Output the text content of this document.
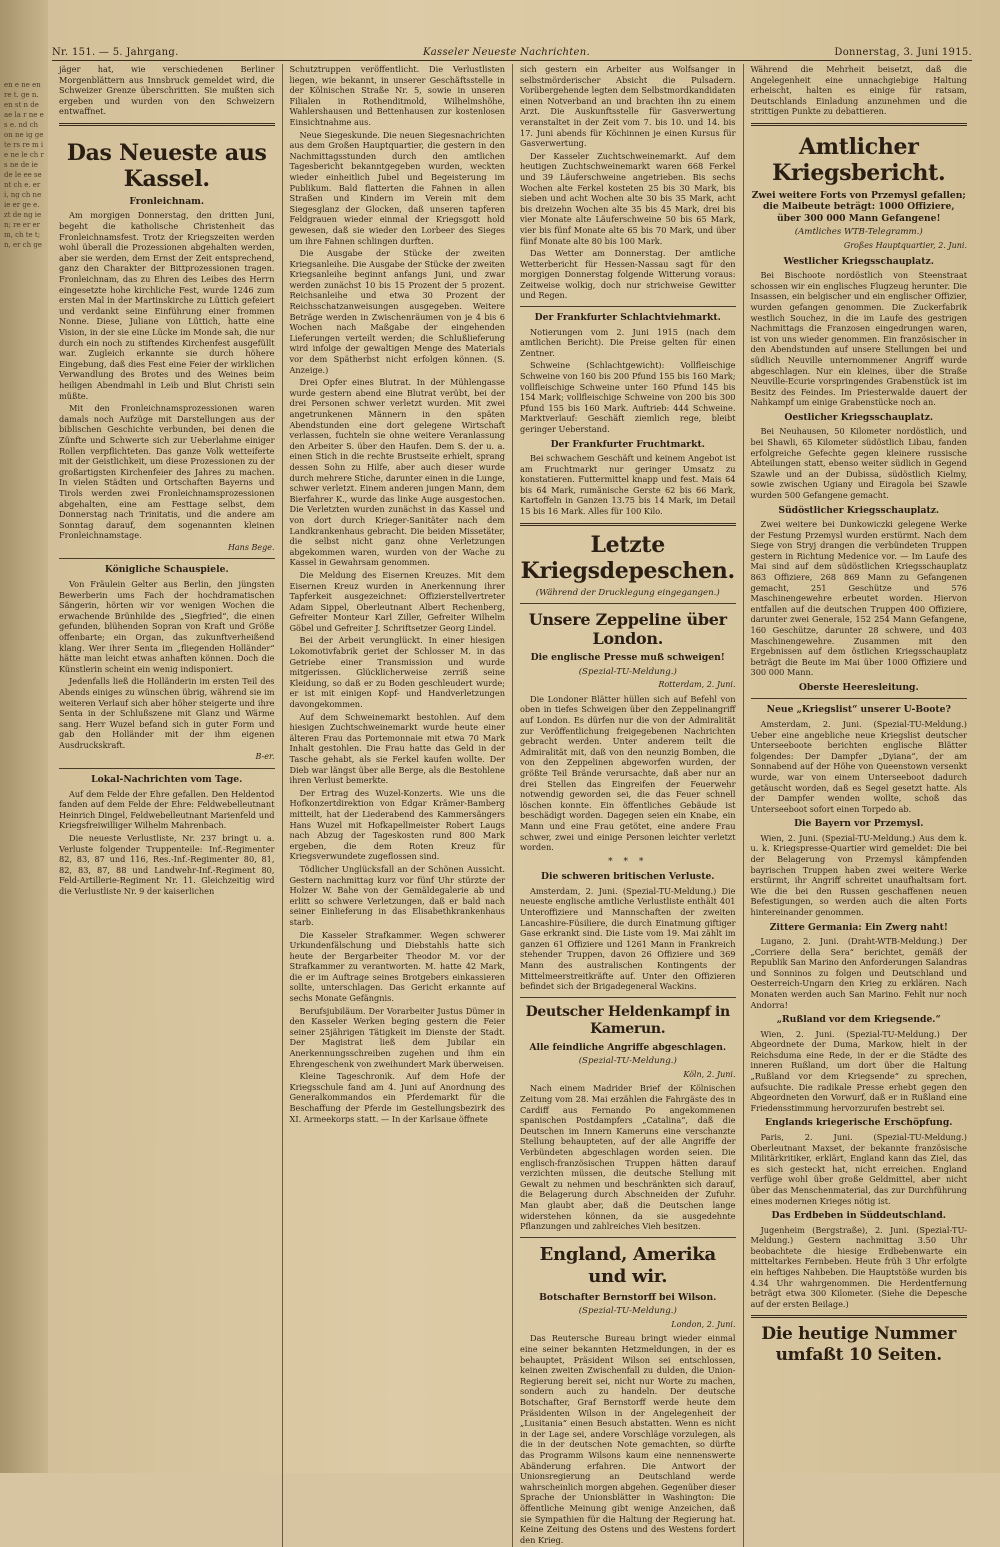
en e ne en re t. ge n. en st n de ae la r ne es e. nd ch on ne ig ge te rs re m ie ne le ch rs ne de ie de le ee se nt ch e. er i, ng ch ne ie er ge e. zt de ng ie n; re er er m, ch te t; n, er ch ge
Nr. 151. — 5. Jahrgang.	Kasseler Neueste Nachrichten.	Donnerstag, 3. Juni 1915.

jäger hat, wie verschiedenen Berliner Morgenblättern aus Innsbruck gemeldet wird, die Schweizer Grenze überschritten. Sie mußten sich ergeben und wurden von den Schweizern entwaffnet.

Das Neueste aus Kassel.
Fronleichnam.

Am morgigen Donnerstag, den dritten Juni, begeht die katholische Christenheit das Fronleichnamsfest. Trotz der Kriegszeiten werden wohl überall die Prozessionen abgehalten werden, aber sie werden, dem Ernst der Zeit entsprechend, ganz den Charakter der Bittprozessionen tragen. Fronleichnam, das zu Ehren des Leibes des Herrn eingesetzte hohe kirchliche Fest, wurde 1246 zum ersten Mal in der Martinskirche zu Lüttich gefeiert und verdankt seine Einführung einer frommen Nonne. Diese, Juliane von Lüttich, hatte eine Vision, in der sie eine Lücke im Monde sah, die nur durch ein noch zu stiftendes Kirchenfest ausgefüllt war. Zugleich erkannte sie durch höhere Eingebung, daß dies Fest eine Feier der wirklichen Verwandlung des Brotes und des Weines beim heiligen Abendmahl in Leib und Blut Christi sein müßte.

Mit den Fronleichnamsprozessionen waren damals noch Aufzüge mit Darstellungen aus der biblischen Geschichte verbunden, bei denen die Zünfte und Schwerte sich zur Ueberlahme einiger Rollen verpflichteten. Das ganze Volk wetteiferte mit der Geistlichkeit, um diese Prozessionen zu der großartigsten Kirchenfeier des Jahres zu machen. In vielen Städten und Ortschaften Bayerns und Tirols werden zwei Fronleichnamsprozessionen abgehalten, eine am Festtage selbst, dem Donnerstag nach Trinitatis, und die andere am Sonntag darauf, dem sogenannten kleinen Fronleichnamstage.

Hans Bege.
Königliche Schauspiele.

Von Fräulein Gelter aus Berlin, den jüngsten Bewerberin ums Fach der hochdramatischen Sängerin, hörten wir vor wenigen Wochen die erwachende Brünhilde des „Siegfried“, die einen gefunden, blühenden Sopran von Kraft und Größe offenbarte; ein Organ, das zukunftverheißend klang. Wer ihrer Senta im „fliegenden Holländer“ hätte man leicht etwas anhaften können. Doch die Künstlerin scheint ein wenig indisponiert.

Jedenfalls ließ die Holländerin im ersten Teil des Abends einiges zu wünschen übrig, während sie im weiteren Verlauf sich aber höher steigerte und ihre Senta in der Schlußszene mit Glanz und Wärme sang. Herr Wuzel befand sich in guter Form und gab den Holländer mit der ihm eigenen Ausdruckskraft.

B-er.
Lokal-Nachrichten vom Tage.

Auf dem Felde der Ehre gefallen. Den Heldentod fanden auf dem Felde der Ehre: Feldwebelleutnant Heinrich Dingel, Feldwebelleutnant Marienfeld und Kriegsfreiwilliger Wilhelm Mahrenbach.

Die neueste Verlustliste, Nr. 237 bringt u. a. Verluste folgender Truppenteile: Inf.-Regimenter 82, 83, 87 und 116, Res.-Inf.-Regimenter 80, 81, 82, 83, 87, 88 und Landwehr-Inf.-Regiment 80, Feld-Artillerie-Regiment Nr. 11. Gleichzeitig wird die Verlustliste Nr. 9 der kaiserlichen

Schutztruppen veröffentlicht. Die Verlustlisten liegen, wie bekannt, in unserer Geschäftsstelle in der Kölnischen Straße Nr. 5, sowie in unseren Filialen in Rothenditmold, Wilhelmshöhe, Wahlershausen und Bettenhausen zur kostenlosen Einsichtnahme aus.

Neue Siegeskunde. Die neuen Siegesnachrichten aus dem Großen Hauptquartier, die gestern in den Nachmittagsstunden durch den amtlichen Tagesbericht bekanntgegeben wurden, weckten wieder einheitlich Jubel und Begeisterung im Publikum. Bald flatterten die Fahnen in allen Straßen und Kindern im Verein mit dem Siegesglanz der Glocken, daß unseren tapferen Feldgrauen wieder einmal der Kriegsgott hold gewesen, daß sie wieder den Lorbeer des Sieges um ihre Fahnen schlingen durften.

Die Ausgabe der Stücke der zweiten Kriegsanleihe. Die Ausgabe der Stücke der zweiten Kriegsanleihe beginnt anfangs Juni, und zwar werden zunächst 10 bis 15 Prozent der 5 prozent. Reichsanleihe und etwa 30 Prozent der Reichsschatzanweisungen ausgegeben. Weitere Beträge werden in Zwischenräumen von je 4 bis 6 Wochen nach Maßgabe der eingehenden Lieferungen verteilt werden; die Schlußlieferung wird infolge der gewaltigen Menge des Materials vor dem Spätherbst nicht erfolgen können. (S. Anzeige.)

Drei Opfer eines Blutrat. In der Mühlengasse wurde gestern abend eine Blutrat verübt, bei der drei Personen schwer verletzt wurden. Mit zwei angetrunkenen Männern in den späten Abendstunden eine dort gelegene Wirtschaft verlassen, fuchteln sie ohne weitere Veranlassung den Arbeiter S. über den Haufen. Dem S. der u. a. einen Stich in die rechte Brustseite erhielt, sprang dessen Sohn zu Hilfe, aber auch dieser wurde durch mehrere Stiche, darunter einen in die Lunge, schwer verletzt. Einem anderen jungen Mann, dem Bierfahrer K., wurde das linke Auge ausgestochen. Die Verletzten wurden zunächst in das Kassel und von dort durch Krieger-Sanitäter nach dem Landkrankenhaus gebracht. Die beiden Missetäter, die selbst nicht ganz ohne Verletzungen abgekommen waren, wurden von der Wache zu Kassel in Gewahrsam genommen.

Die Meldung des Eisernen Kreuzes. Mit dem Eisernen Kreuz wurden in Anerkennung ihrer Tapferkeit ausgezeichnet: Offizierstellvertreter Adam Sippel, Oberleutnant Albert Rechenberg, Gefreiter Monteur Karl Ziller, Gefreiter Wilhelm Göbel und Gefreiter J. Schriftsetzer Georg Lindel.

Bei der Arbeit verunglückt. In einer hiesigen Lokomotivfabrik geriet der Schlosser M. in das Getriebe einer Transmission und wurde mitgerissen. Glücklicherweise zerriß seine Kleidung, so daß er zu Boden geschleudert wurde; er ist mit einigen Kopf- und Handverletzungen davongekommen.

Auf dem Schweinemarkt bestohlen. Auf dem hiesigen Zuchtschweinemarkt wurde heute einer älteren Frau das Portemonnaie mit etwa 70 Mark Inhalt gestohlen. Die Frau hatte das Geld in der Tasche gehabt, als sie Ferkel kaufen wollte. Der Dieb war längst über alle Berge, als die Bestohlene ihren Verlust bemerkte.

Der Ertrag des Wuzel-Konzerts. Wie uns die Hofkonzertdirektion von Edgar Krämer-Bamberg mitteilt, hat der Liederabend des Kammersängers Hans Wuzel mit Hofkapellmeister Robert Laugs nach Abzug der Tageskosten rund 800 Mark ergeben, die dem Roten Kreuz für Kriegsverwundete zugeflossen sind.

Tödlicher Unglücksfall an der Schönen Aussicht. Gestern nachmittag kurz vor fünf Uhr stürzte der Holzer W. Bahe von der Gemäldegalerie ab und erlitt so schwere Verletzungen, daß er bald nach seiner Einlieferung in das Elisabethkrankenhaus starb.

Die Kasseler Strafkammer. Wegen schwerer Urkundenfälschung und Diebstahls hatte sich heute der Bergarbeiter Theodor M. vor der Strafkammer zu verantworten. M. hatte 42 Mark, die er im Auftrage seines Brotgebers einkassieren sollte, unterschlagen. Das Gericht erkannte auf sechs Monate Gefängnis.

Berufsjubiläum. Der Vorarbeiter Justus Dümer in den Kasseler Werken beging gestern die Feier seiner 25jährigen Tätigkeit im Dienste der Stadt. Der Magistrat ließ dem Jubilar ein Anerkennungsschreiben zugehen und ihm ein Ehrengeschenk von zweihundert Mark überweisen.

Kleine Tageschronik. Auf dem Hofe der Kriegsschule fand am 4. Juni auf Anordnung des Generalkommandos ein Pferdemarkt für die Beschaffung der Pferde im Gestellungsbezirk des XI. Armeekorps statt. — In der Karlsaue öffnete

sich gestern ein Arbeiter aus Wolfsanger in selbstmörderischer Absicht die Pulsadern. Vorübergehende legten dem Selbstmordkandidaten einen Notverband an und brachten ihn zu einem Arzt. Die Auskunftsstelle für Gasverwertung veranstaltet in der Zeit vom 7. bis 10. und 14. bis 17. Juni abends für Köchinnen je einen Kursus für Gasverwertung.

Der Kasseler Zuchtschweinemarkt. Auf dem heutigen Zuchtschweinemarkt waren 668 Ferkel und 39 Läuferschweine angetrieben. Bis sechs Wochen alte Ferkel kosteten 25 bis 30 Mark, bis sieben und acht Wochen alte 30 bis 35 Mark, acht bis dreizehn Wochen alte 35 bis 45 Mark, drei bis vier Monate alte Läuferschweine 50 bis 65 Mark, vier bis fünf Monate alte 65 bis 70 Mark, und über fünf Monate alte 80 bis 100 Mark.

Das Wetter am Donnerstag. Der amtliche Wetterbericht für Hessen-Nassau sagt für den morgigen Donnerstag folgende Witterung voraus: Zeitweise wolkig, doch nur strichweise Gewitter und Regen.

Der Frankfurter Schlachtviehmarkt.

Notierungen vom 2. Juni 1915 (nach dem amtlichen Bericht). Die Preise gelten für einen Zentner.

Schweine (Schlachtgewicht): Vollfleischige Schweine von 160 bis 200 Pfund 155 bis 160 Mark; vollfleischige Schweine unter 160 Pfund 145 bis 154 Mark; vollfleischige Schweine von 200 bis 300 Pfund 155 bis 160 Mark. Auftrieb: 444 Schweine. Marktverlauf: Geschäft ziemlich rege, bleibt geringer Ueberstand.

Der Frankfurter Fruchtmarkt.

Bei schwachem Geschäft und keinem Angebot ist am Fruchtmarkt nur geringer Umsatz zu konstatieren. Futtermittel knapp und fest. Mais 64 bis 64 Mark, rumänische Gerste 62 bis 66 Mark, Kartoffeln in Ganzen 13.75 bis 14 Mark, im Detail 15 bis 16 Mark. Alles für 100 Kilo.

Letzte Kriegsdepeschen.
(Während der Drucklegung eingegangen.)
Unsere Zeppeline über London.
Die englische Presse muß schweigen!
(Spezial-TU-Meldung.)
Rotterdam, 2. Juni.

Die Londoner Blätter hüllen sich auf Befehl von oben in tiefes Schweigen über den Zeppelinangriff auf London. Es dürfen nur die von der Admiralität zur Veröffentlichung freigegebenen Nachrichten gebracht werden. Unter anderem teilt die Admiralität mit, daß von den neunzig Bomben, die von den Zeppelinen abgeworfen wurden, der größte Teil Brände verursachte, daß aber nur an drei Stellen das Eingreifen der Feuerwehr notwendig geworden sei, die das Feuer schnell löschen konnte. Ein öffentliches Gebäude ist beschädigt worden. Dagegen seien ein Knabe, ein Mann und eine Frau getötet, eine andere Frau schwer, zwei und einige Personen leichter verletzt worden.

* * *
Die schweren britischen Verluste.

Amsterdam, 2. Juni. (Spezial-TU-Meldung.) Die neueste englische amtliche Verlustliste enthält 401 Unteroffiziere und Mannschaften der zweiten Lancashire-Füsiliere, die durch Einatmung giftiger Gase erkrankt sind. Die Liste vom 19. Mai zählt im ganzen 61 Offiziere und 1261 Mann in Frankreich stehender Truppen, davon 26 Offiziere und 369 Mann des australischen Kontingents der Mittelmeerstreitkräfte auf. Unter den Offizieren befindet sich der Brigadegeneral Wackins.

Deutscher Heldenkampf in Kamerun.
Alle feindliche Angriffe abgeschlagen.
(Spezial-TU-Meldung.)
Köln, 2. Juni.

Nach einem Madrider Brief der Kölnischen Zeitung vom 28. Mai erzählen die Fahrgäste des in Cardiff aus Fernando Po angekommenen spanischen Postdampfers „Catalina“, daß die Deutschen im Innern Kameruns eine verschanzte Stellung behaupteten, auf der alle Angriffe der Verbündeten abgeschlagen worden seien. Die englisch-französischen Truppen hätten darauf verzichten müssen, die deutsche Stellung mit Gewalt zu nehmen und beschränkten sich darauf, die Belagerung durch Abschneiden der Zufuhr. Man glaubt aber, daß die Deutschen lange widerstehen können, da sie ausgedehnte Pflanzungen und zahlreiches Vieh besitzen.

England, Amerika und wir.
Botschafter Bernstorff bei Wilson.
(Spezial-TU-Meldung.)
London, 2. Juni.

Das Reutersche Bureau bringt wieder einmal eine seiner bekannten Hetzmeldungen, in der es behauptet, Präsident Wilson sei entschlossen, keinen zweiten Zwischenfall zu dulden, die Union-Regierung bereit sei, nicht nur Worte zu machen, sondern auch zu handeln. Der deutsche Botschafter, Graf Bernstorff werde heute dem Präsidenten Wilson in der Angelegenheit der „Lusitania“ einen Besuch abstatten. Wenn es nicht in der Lage sei, andere Vorschläge vorzulegen, als die in der deutschen Note gemachten, so dürfte das Programm Wilsons kaum eine nennenswerte Abänderung erfahren. Die Antwort der Unionsregierung an Deutschland werde wahrscheinlich morgen abgehen. Gegenüber dieser Sprache der Unionsblätter in Washington: Die öffentliche Meinung gibt wenige Anzeichen, daß sie Sympathien für die Haltung der Regierung hat. Keine Zeitung des Ostens und des Westens fordert den Krieg.

Während die Mehrheit beisetzt, daß die Angelegenheit eine unnachgiebige Haltung erheischt, halten es einige für ratsam, Deutschlands Einladung anzunehmen und die strittigen Punkte zu debattieren.

Amtlicher Kriegsbericht.
Zwei weitere Forts von Przemysl gefallen; die Maibeute beträgt: 1000 Offiziere, über 300 000 Mann Gefangene!
(Amtliches WTB-Telegramm.)
Großes Hauptquartier, 2. Juni.
Westlicher Kriegsschauplatz.

Bei Bischoote nordöstlich von Steenstraat schossen wir ein englisches Flugzeug herunter. Die Insassen, ein belgischer und ein englischer Offizier, wurden gefangen genommen. Die Zuckerfabrik westlich Souchez, in die im Laufe des gestrigen Nachmittags die Franzosen eingedrungen waren, ist von uns wieder genommen. Ein französischer in den Abendstunden auf unsere Stellungen bei und südlich Neuville unternommener Angriff wurde abgeschlagen. Nur ein kleines, über die Straße Neuville-Ecurie vorspringendes Grabenstück ist im Besitz des Feindes. Im Priesterwalde dauert der Nahkampf um einige Grabenstücke noch an.

Oestlicher Kriegsschauplatz.

Bei Neuhausen, 50 Kilometer nordöstlich, und bei Shawli, 65 Kilometer südöstlich Libau, fanden erfolgreiche Gefechte gegen kleinere russische Abteilungen statt, ebenso weiter südlich in Gegend Szawle und an der Dubissa, südöstlich Kielmy, sowie zwischen Ugiany und Eiragola bei Szawle wurden 500 Gefangene gemacht.

Südöstlicher Kriegsschauplatz.

Zwei weitere bei Dunkowiczki gelegene Werke der Festung Przemysl wurden erstürmt. Nach dem Siege von Stryj drangen die verbündeten Truppen gestern in Richtung Medenice vor. — Im Laufe des Mai sind auf dem südöstlichen Kriegsschauplatz 863 Offiziere, 268 869 Mann zu Gefangenen gemacht, 251 Geschütze und 576 Maschinengewehre erbeutet worden. Hiervon entfallen auf die deutschen Truppen 400 Offiziere, darunter zwei Generale, 152 254 Mann Gefangene, 160 Geschütze, darunter 28 schwere, und 403 Maschinengewehre. Zusammen mit den Ergebnissen auf dem östlichen Kriegsschauplatz beträgt die Beute im Mai über 1000 Offiziere und 300 000 Mann.

Oberste Heeresleitung.
Neue „Kriegslist“ unserer U-Boote?

Amsterdam, 2. Juni. (Spezial-TU-Meldung.) Ueber eine angebliche neue Kriegslist deutscher Unterseeboote berichten englische Blätter folgendes: Der Dampfer „Dyiana“, der am Sonnabend auf der Höhe von Queenstown versenkt wurde, war von einem Unterseeboot dadurch getäuscht worden, daß es Segel gesetzt hatte. Als der Dampfer wenden wollte, schoß das Unterseeboot sofort einen Torpedo ab.

Die Bayern vor Przemysl.

Wien, 2. Juni. (Spezial-TU-Meldung.) Aus dem k. u. k. Kriegspresse-Quartier wird gemeldet: Die bei der Belagerung von Przemysl kämpfenden bayrischen Truppen haben zwei weitere Werke erstürmt, ihr Angriff schreitet unaufhaltsam fort. Wie die bei den Russen geschaffenen neuen Befestigungen, so werden auch die alten Forts hintereinander genommen.

Zittere Germania: Ein Zwerg naht!

Lugano, 2. Juni. (Draht-WTB-Meldung.) Der „Corriere della Sera“ berichtet, gemäß der Republik San Marino den Anforderungen Salandras und Sonninos zu folgen und Deutschland und Oesterreich-Ungarn den Krieg zu erklären. Nach Monaten werden auch San Marino. Fehlt nur noch Andorra!

„Rußland vor dem Kriegsende.“

Wien, 2. Juni. (Spezial-TU-Meldung.) Der Abgeordnete der Duma, Markow, hielt in der Reichsduma eine Rede, in der er die Städte des inneren Rußland, um dort über die Haltung „Rußland vor dem Kriegsende“ zu sprechen, aufsuchte. Die radikale Presse erhebt gegen den Abgeordneten den Vorwurf, daß er in Rußland eine Friedensstimmung hervorzurufen bestrebt sei.

Englands kriegerische Erschöpfung.

Paris, 2. Juni. (Spezial-TU-Meldung.) Oberleutnant Maxset, der bekannte französische Militärkritiker, erklärt, England kann das Ziel, das es sich gesteckt hat, nicht erreichen. England verfüge wohl über große Geldmittel, aber nicht über das Menschenmaterial, das zur Durchführung eines modernen Krieges nötig ist.

Das Erdbeben in Süddeutschland.

Jugenheim (Bergstraße), 2. Juni. (Spezial-TU-Meldung.) Gestern nachmittag 3.50 Uhr beobachtete die hiesige Erdbebenwarte ein mitteltarkes Fernbeben. Heute früh 3 Uhr erfolgte ein heftiges Nahbeben. Die Hauptstöße wurden bis 4.34 Uhr wahrgenommen. Die Herdentfernung beträgt etwa 300 Kilometer. (Siehe die Depesche auf der ersten Beilage.)

Die heutige Nummer umfaßt 10 Seiten.
